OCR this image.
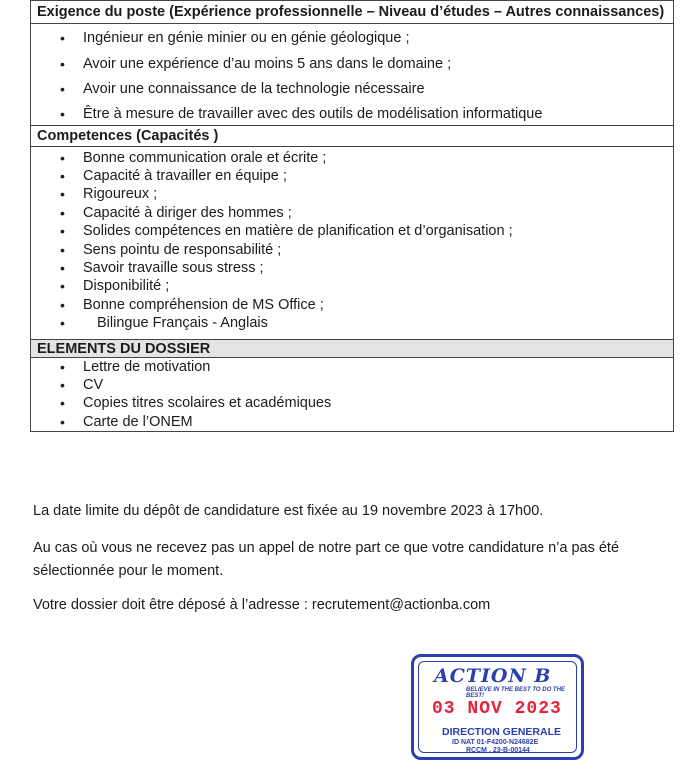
Exigence du poste (Expérience professionnelle – Niveau d’études – Autres connaissances)
• Ingénieur en génie minier ou en génie géologique ;
• Avoir une expérience d’au moins 5 ans dans le domaine ;
• Avoir une connaissance de la technologie nécessaire
• Être à mesure de travailler avec des outils de modélisation informatique
Competences (Capacités )
• Bonne communication orale et écrite ;
• Capacité à travailler en équipe ;
• Rigoureux ;
• Capacité à diriger des hommes ;
• Solides compétences en matière de planification et d’organisation ;
• Sens pointu de responsabilité ;
• Savoir travaille sous stress ;
• Disponibilité ;
• Bonne compréhension de MS Office ;
• Bilingue Français - Anglais
ELEMENTS DU DOSSIER
• Lettre de motivation
• CV
• Copies titres scolaires et académiques
• Carte de l’ONEM

La date limite du dépôt de candidature est fixée au 19 novembre 2023 à 17h00.

Au cas où vous ne recevez pas un appel de notre part ce que votre candidature n’a pas été sélectionnée pour le moment.

Votre dossier doit être déposé à l’adresse : recrutement@actionba.com

ACTION B
BELIEVE IN THE BEST TO DO THE BEST!
03 NOV 2023
DIRECTION GENERALE
ID NAT 01-F4200-N24682E
RCCM . 23-B-00144
